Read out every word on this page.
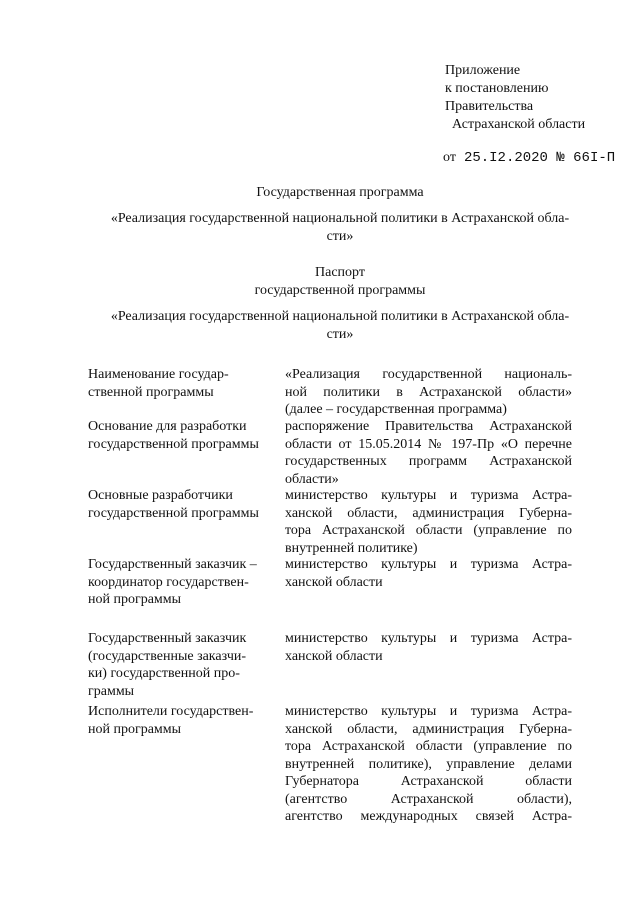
Приложение
к постановлению
Правительства
Астраханской области
от 25.I2.2020 № 66I-П
Государственная программа
«Реализация государственной национальной политики в Астраханской обла-
сти»
Паспорт
государственной программы
«Реализация государственной национальной политики в Астраханской обла-
сти»
Наименование государ-
ственной программы
«Реализация государственной националь-
ной политики в Астраханской области»
(далее – государственная программа)
Основание для разработки
государственной программы
распоряжение Правительства Астраханской
области от 15.05.2014 № 197-Пр «О перечне
государственных программ Астраханской
области»
Основные разработчики
государственной программы
министерство культуры и туризма Астра-
ханской области, администрация Губерна-
тора Астраханской области (управление по
внутренней политике)
Государственный заказчик –
координатор государствен-
ной программы
министерство культуры и туризма Астра-
ханской области
Государственный заказчик
(государственные заказчи-
ки) государственной про-
граммы
министерство культуры и туризма Астра-
ханской области
Исполнители государствен-
ной программы
министерство культуры и туризма Астра-
ханской области, администрация Губерна-
тора Астраханской области (управление по
внутренней политике), управление делами
Губернатора Астраханской области
(агентство Астраханской области),
агентство международных связей Астра-
